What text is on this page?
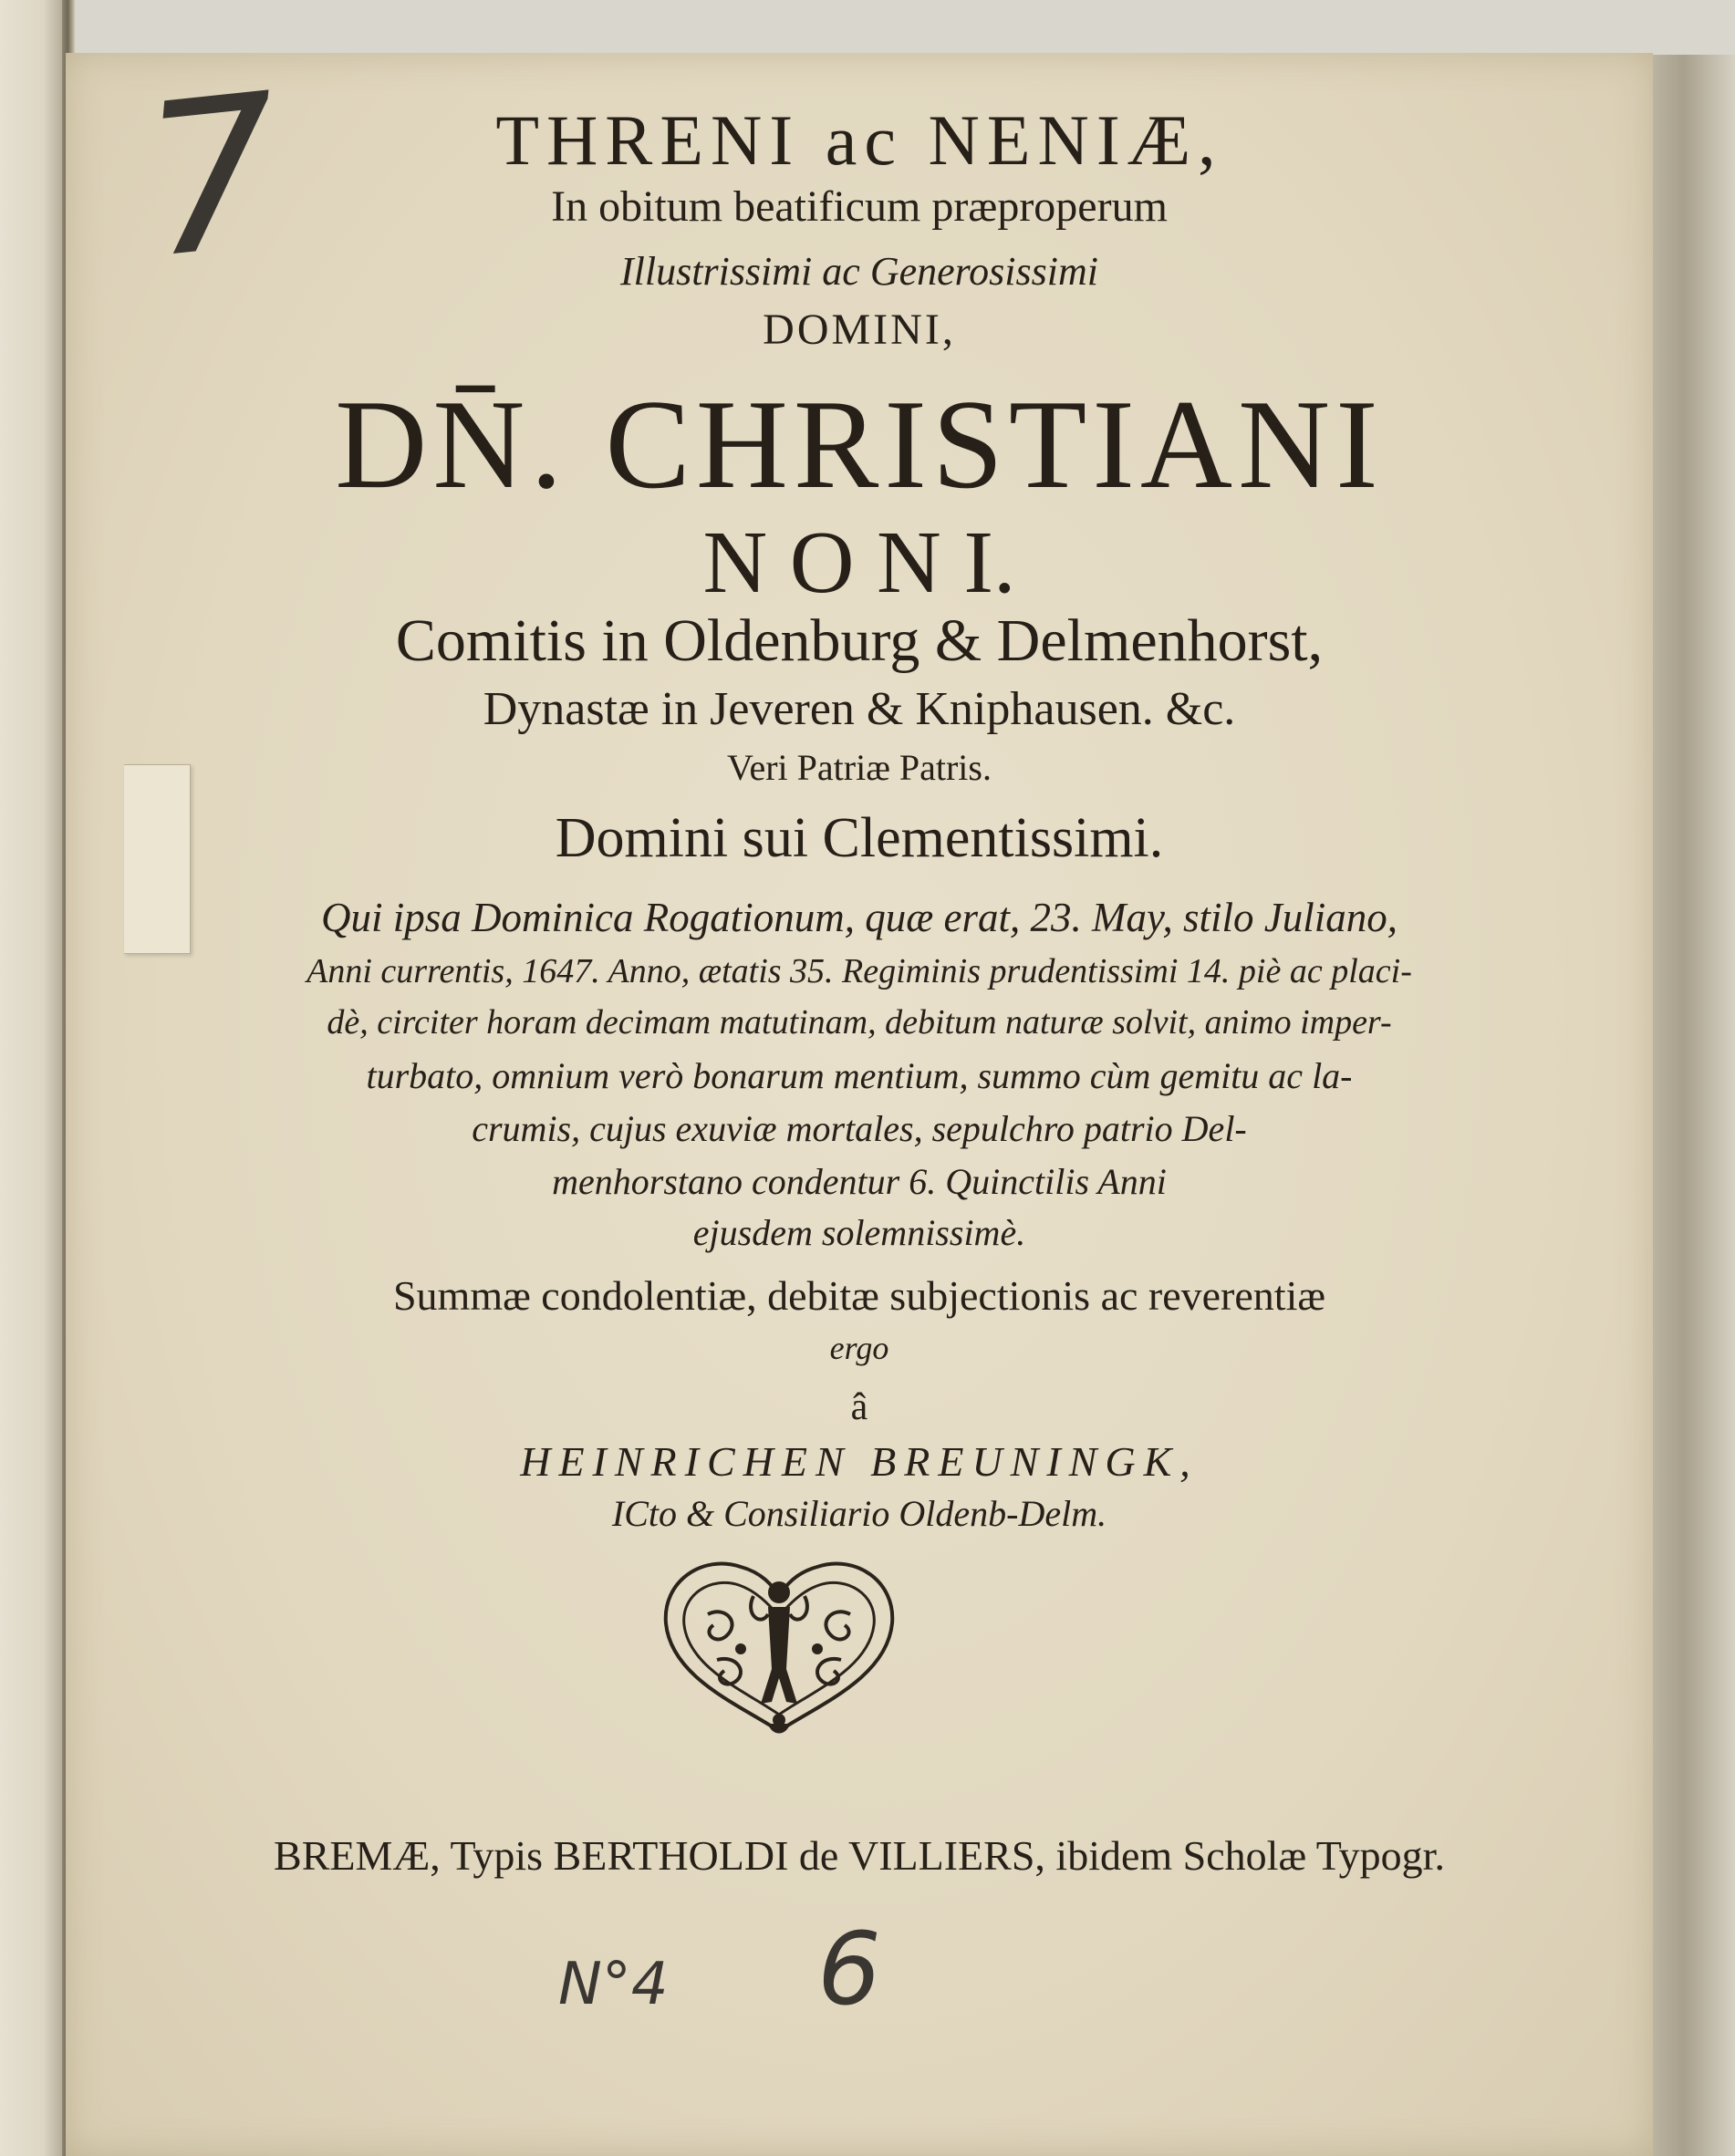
7
N°4 6

THRENI ac NENIÆ,

In obitum beatificum præproperum

Illustrissimi ac Generosissimi

DOMINI,

DN̄. CHRISTIANI

N O N I.

Comitis in Oldenburg & Delmenhorst,

Dynastæ in Jeveren & Kniphausen. &c.

Veri Patriæ Patris.

Domini sui Clementissimi.

Qui ipsa Dominica Rogationum, quæ erat, 23. May, stilo Juliano,

Anni currentis, 1647. Anno, ætatis 35. Regiminis prudentissimi 14. piè ac placi-

dè, circiter horam decimam matutinam, debitum naturæ solvit, animo imper-

turbato, omnium verò bonarum mentium, summo cùm gemitu ac la-

crumis, cujus exuviæ mortales, sepulchro patrio Del-

menhorstano condentur 6. Quinctilis Anni

ejusdem solemnissimè.

Summæ condolentiæ, debitæ subjectionis ac reverentiæ

ergo

â

HEINRICHEN BREUNINGK,

ICto & Consiliario Oldenb-Delm.

BREMÆ, Typis BERTHOLDI de VILLIERS, ibidem Scholæ Typogr.
